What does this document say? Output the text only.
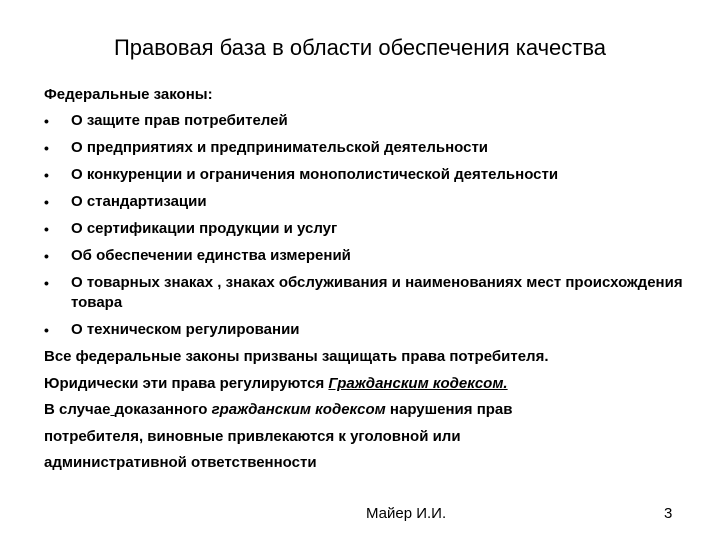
Правовая база в области обеспечения качества
Федеральные законы:
• О защите прав потребителей
• О предприятиях и предпринимательской деятельности
• О конкуренции и ограничения монополистической деятельности
• О стандартизации
• О сертификации продукции и услуг
• Об обеспечении единства измерений
• О товарных знаках , знаках обслуживания и наименованиях мест происхождения товара
• О техническом регулировании
Все федеральные законы призваны защищать права потребителя.
Юридически эти права регулируются Гражданским кодексом.
В случае доказанного гражданским кодексом нарушения прав
потребителя, виновные привлекаются к уголовной или
административной ответственности
Майер И.И.	3
